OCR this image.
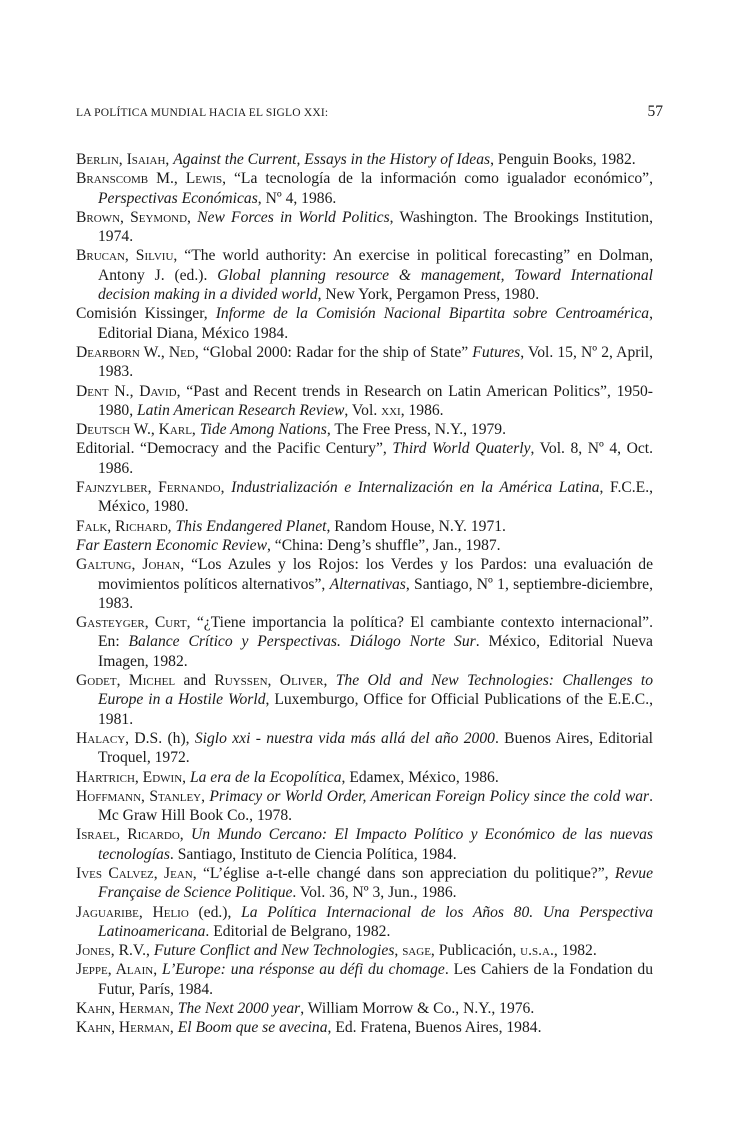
LA POLÍTICA MUNDIAL HACIA EL SIGLO XXI:	57

Berlin, Isaiah, Against the Current, Essays in the History of Ideas, Penguin Books, 1982.

Branscomb M., Lewis, “La tecnología de la información como igualador económico”, Perspectivas Económicas, Nº 4, 1986.

Brown, Seymond, New Forces in World Politics, Washington. The Brookings Institution, 1974.

Brucan, Silviu, “The world authority: An exercise in political forecasting” en Dolman, Antony J. (ed.). Global planning resource & management, Toward International decision making in a divided world, New York, Pergamon Press, 1980.

Comisión Kissinger, Informe de la Comisión Nacional Bipartita sobre Centroamérica, Editorial Diana, México 1984.

Dearborn W., Ned, “Global 2000: Radar for the ship of State” Futures, Vol. 15, Nº 2, April, 1983.

Dent N., David, “Past and Recent trends in Research on Latin American Politics”, 1950-1980, Latin American Research Review, Vol. xxi, 1986.

Deutsch W., Karl, Tide Among Nations, The Free Press, N.Y., 1979.

Editorial. “Democracy and the Pacific Century”, Third World Quaterly, Vol. 8, Nº 4, Oct. 1986.

Fajnzylber, Fernando, Industrialización e Internalización en la América Latina, F.C.E., México, 1980.

Falk, Richard, This Endangered Planet, Random House, N.Y. 1971.

Far Eastern Economic Review, “China: Deng’s shuffle”, Jan., 1987.

Galtung, Johan, “Los Azules y los Rojos: los Verdes y los Pardos: una evaluación de movimientos políticos alternativos”, Alternativas, Santiago, Nº 1, septiembre-diciembre, 1983.

Gasteyger, Curt, “¿Tiene importancia la política? El cambiante contexto internacional”. En: Balance Crítico y Perspectivas. Diálogo Norte Sur. México, Editorial Nueva Imagen, 1982.

Godet, Michel and Ruyssen, Oliver, The Old and New Technologies: Challenges to Europe in a Hostile World, Luxemburgo, Office for Official Publications of the E.E.C., 1981.

Halacy, D.S. (h), Siglo xxi - nuestra vida más allá del año 2000. Buenos Aires, Editorial Troquel, 1972.

Hartrich, Edwin, La era de la Ecopolítica, Edamex, México, 1986.

Hoffmann, Stanley, Primacy or World Order, American Foreign Policy since the cold war. Mc Graw Hill Book Co., 1978.

Israel, Ricardo, Un Mundo Cercano: El Impacto Político y Económico de las nuevas tecnologías. Santiago, Instituto de Ciencia Política, 1984.

Ives Calvez, Jean, “L’église a-t-elle changé dans son appreciation du politique?”, Revue Française de Science Politique. Vol. 36, Nº 3, Jun., 1986.

Jaguaribe, Helio (ed.), La Política Internacional de los Años 80. Una Perspectiva Latinoamericana. Editorial de Belgrano, 1982.

Jones, R.V., Future Conflict and New Technologies, sage, Publicación, u.s.a., 1982.

Jeppe, Alain, L’Europe: una résponse au défi du chomage. Les Cahiers de la Fondation du Futur, París, 1984.

Kahn, Herman, The Next 2000 year, William Morrow & Co., N.Y., 1976.

Kahn, Herman, El Boom que se avecina, Ed. Fratena, Buenos Aires, 1984.
